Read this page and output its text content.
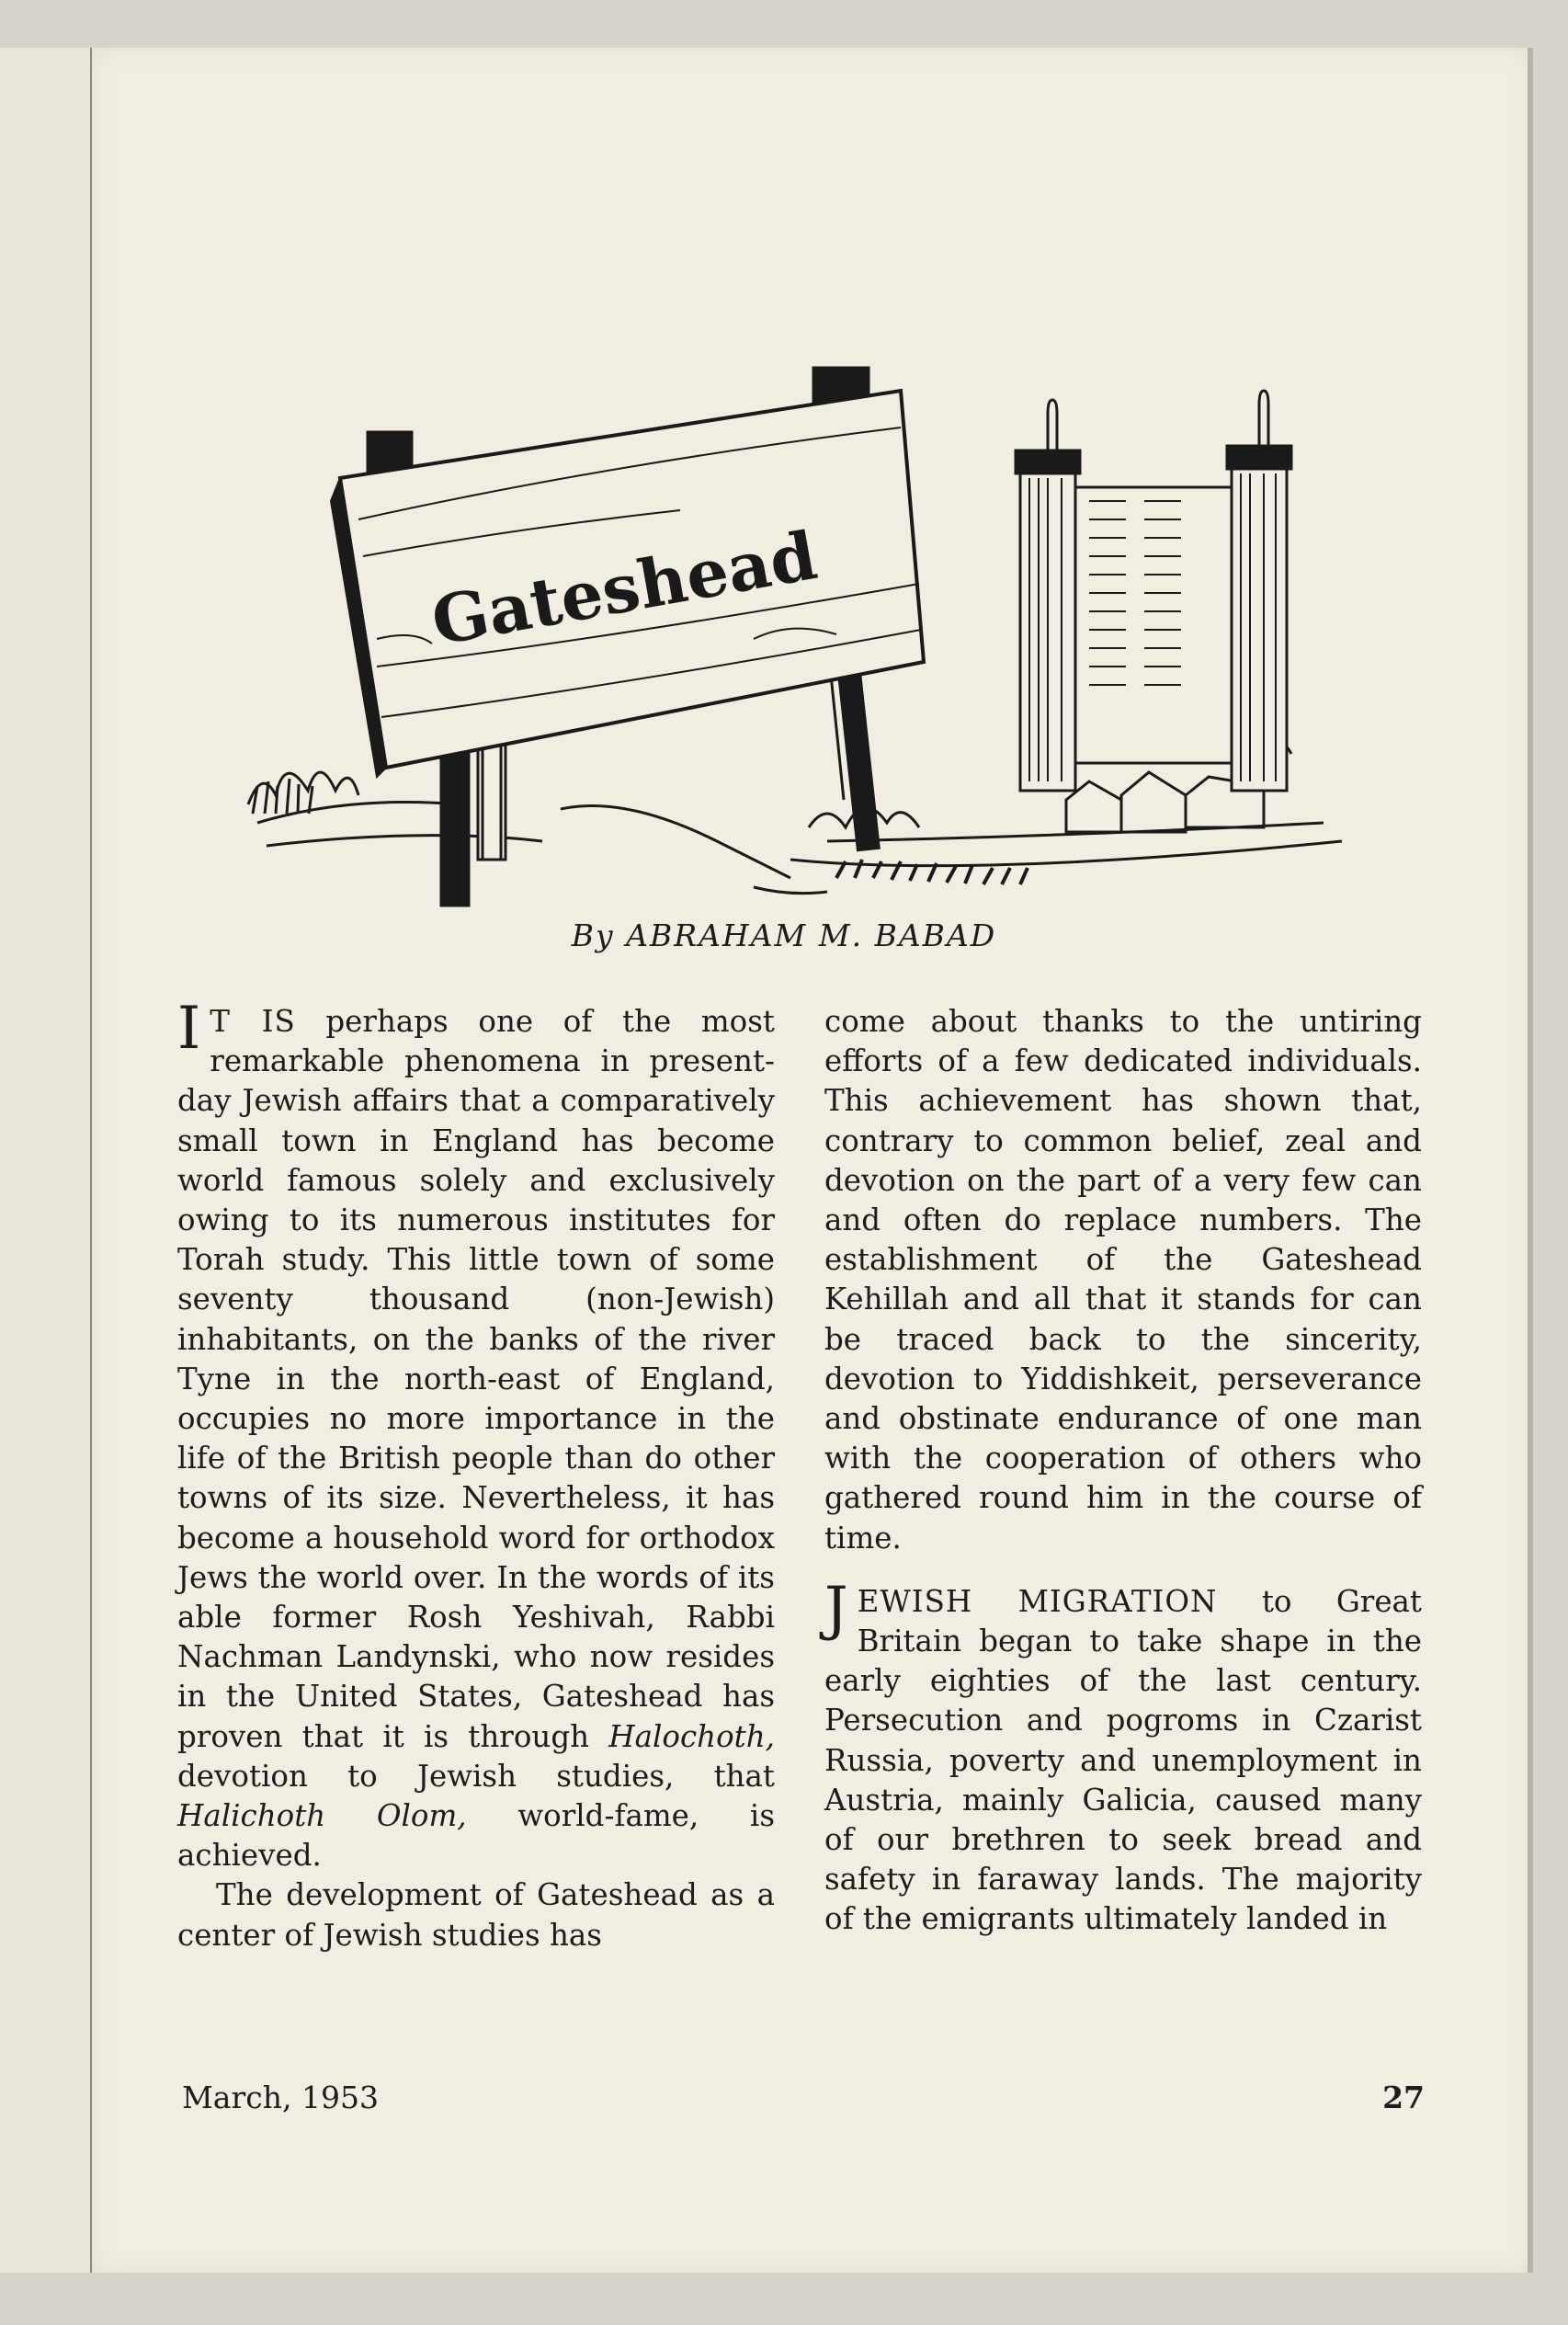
Gateshead
By ABRAHAM M. BABAD

I T IS perhaps one of the most remarkable phenomena in present-day Jewish affairs that a comparatively small town in England has become world famous solely and exclusively owing to its numerous institutes for Torah study. This little town of some seventy thousand (non-Jewish) inhabitants, on the banks of the river Tyne in the north-east of England, occupies no more importance in the life of the British people than do other towns of its size. Nevertheless, it has become a household word for orthodox Jews the world over. In the words of its able former Rosh Yeshivah, Rabbi Nachman Landynski, who now resides in the United States, Gateshead has proven that it is through Halochoth, devotion to Jewish studies, that Halichoth Olom, world-fame, is achieved.

The development of Gateshead as a center of Jewish studies has

come about thanks to the untiring efforts of a few dedicated individuals. This achievement has shown that, contrary to common belief, zeal and devotion on the part of a very few can and often do replace numbers. The establishment of the Gateshead Kehillah and all that it stands for can be traced back to the sincerity, devotion to Yiddishkeit, perseverance and obstinate endurance of one man with the cooperation of others who gathered round him in the course of time.

JEWISH MIGRATION to Great Britain began to take shape in the early eighties of the last century. Persecution and pogroms in Czarist Russia, poverty and unemployment in Austria, mainly Galicia, caused many of our brethren to seek bread and safety in faraway lands. The majority of the emigrants ultimately landed in

March, 1953	27
